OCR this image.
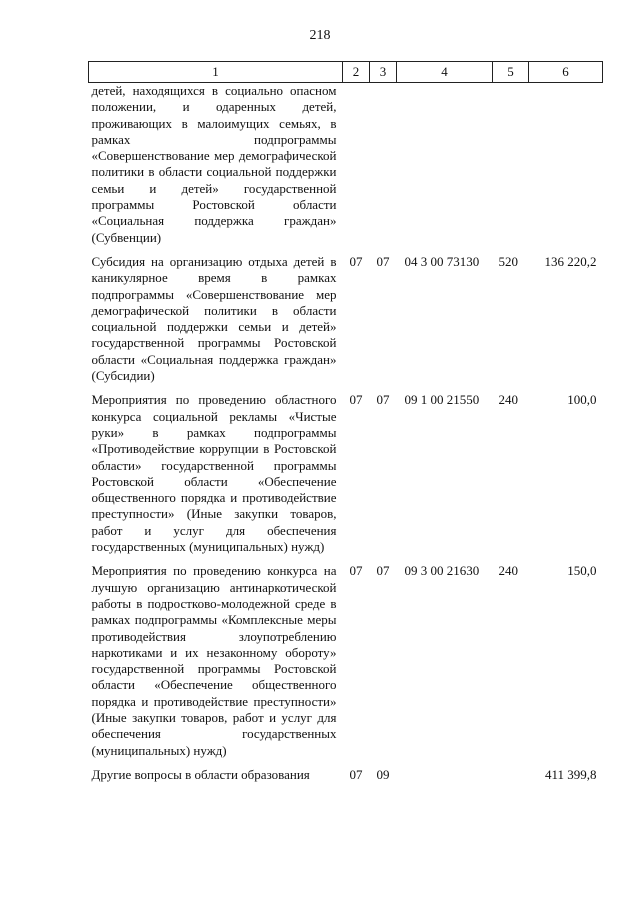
218
1	2	3	4	5	6
детей, находящихся в социально опасном положении, и одаренных детей, проживающих в малоимущих семьях, в рамках подпрограммы «Совершенствование мер демографической политики в области социальной поддержки семьи и детей» государственной программы Ростовской области «Социальная поддержка граждан» (Субвенции)					

Субсидия на организацию отдыха детей в каникулярное время в рамках подпрограммы «Совершенствование мер демографической политики в области социальной поддержки семьи и детей» государственной программы Ростовской области «Социальная поддержка граждан» (Субсидии)	07	07	04 3 00 73130	520	136 220,2

Мероприятия по проведению областного конкурса социальной рекламы «Чистые руки» в рамках подпрограммы «Противодействие коррупции в Ростовской области» государственной программы Ростовской области «Обеспечение общественного порядка и противодействие преступности» (Иные закупки товаров, работ и услуг для обеспечения государственных (муниципальных) нужд)	07	07	09 1 00 21550	240	100,0

Мероприятия по проведению конкурса на лучшую организацию антинаркотической работы в подростково-молодежной среде в рамках подпрограммы «Комплексные меры противодействия злоупотреблению наркотиками и их незаконному обороту» государственной программы Ростовской области «Обеспечение общественного порядка и противодействие преступности» (Иные закупки товаров, работ и услуг для обеспечения государственных (муниципальных) нужд)	07	07	09 3 00 21630	240	150,0

Другие вопросы в области образования	07	09			411 399,8
